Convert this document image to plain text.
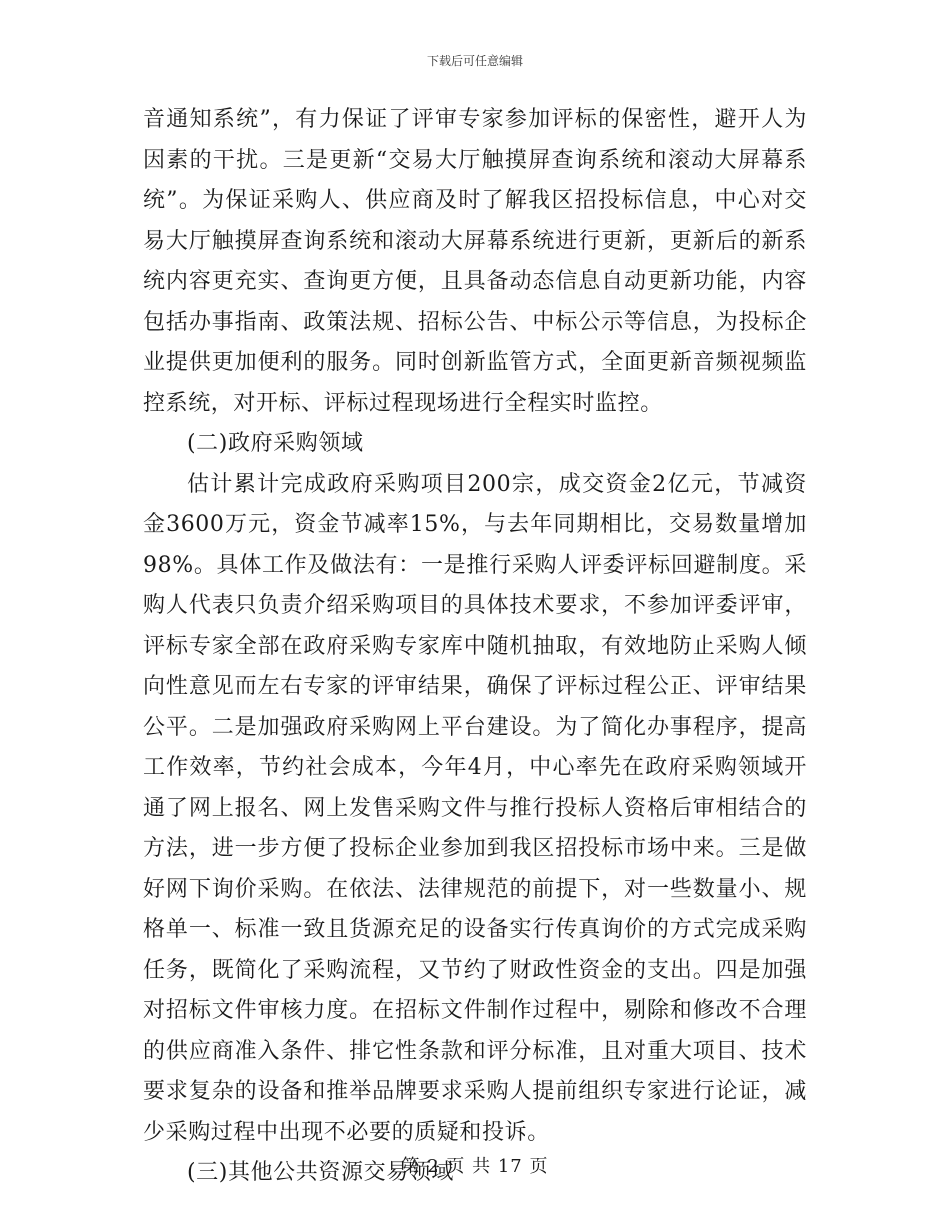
下载后可任意编辑

音通知系统”，有力保证了评审专家参加评标的保密性，避开人为因素的干扰。三是更新“交易大厅触摸屏查询系统和滚动大屏幕系统”。为保证采购人、供应商及时了解我区招投标信息，中心对交易大厅触摸屏查询系统和滚动大屏幕系统进行更新，更新后的新系统内容更充实、查询更方便，且具备动态信息自动更新功能，内容包括办事指南、政策法规、招标公告、中标公示等信息，为投标企业提供更加便利的服务。同时创新监管方式，全面更新音频视频监控系统，对开标、评标过程现场进行全程实时监控。

(二)政府采购领域

估计累计完成政府采购项目200宗，成交资金2亿元，节减资金3600万元，资金节减率15%，与去年同期相比，交易数量增加98%。具体工作及做法有：一是推行采购人评委评标回避制度。采购人代表只负责介绍采购项目的具体技术要求，不参加评委评审，评标专家全部在政府采购专家库中随机抽取，有效地防止采购人倾向性意见而左右专家的评审结果，确保了评标过程公正、评审结果公平。二是加强政府采购网上平台建设。为了简化办事程序，提高工作效率，节约社会成本，今年4月，中心率先在政府采购领域开通了网上报名、网上发售采购文件与推行投标人资格后审相结合的方法，进一步方便了投标企业参加到我区招投标市场中来。三是做好网下询价采购。在依法、法律规范的前提下，对一些数量小、规格单一、标准一致且货源充足的设备实行传真询价的方式完成采购任务，既简化了采购流程，又节约了财政性资金的支出。四是加强对招标文件审核力度。在招标文件制作过程中，剔除和修改不合理的供应商准入条件、排它性条款和评分标准，且对重大项目、技术要求复杂的设备和推举品牌要求采购人提前组织专家进行论证，减少采购过程中出现不必要的质疑和投诉。

(三)其他公共资源交易领域

第 2 页 共 17 页
